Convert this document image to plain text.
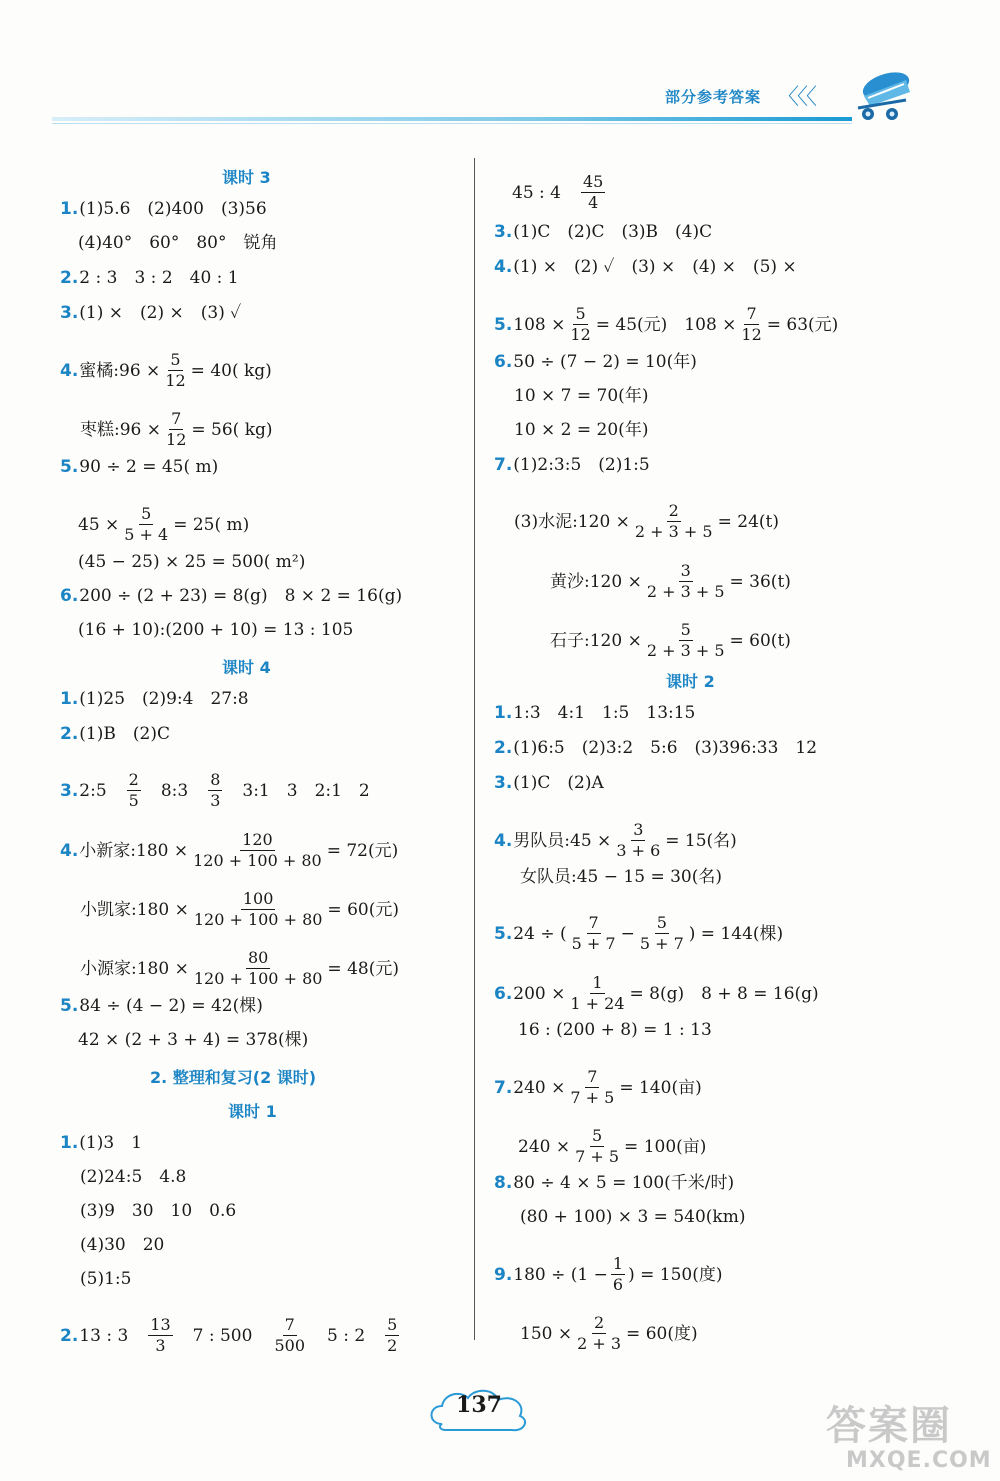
部分参考答案 〈〈〈
课时 3
1. (1)5.6　(2)400　(3)56
(4)40°　60°　80°　锐角
2. 2 : 3　3 : 2　40 : 1
3. (1) ×　(2) ×　(3) ✓
4. 蜜橘:96 × $\frac{5}{12} = 40$( kg)
枣糕:96 × $\frac{7}{12} = 56$( kg)
5. 90 ÷ 2 = 45( m)
$45 \times \frac{5}{5 + 4} = 25$( m)
(45 − 25) × 25 = 500( m²)
6. 200 ÷ (2 + 23) = 8(g)　8 × 2 = 16(g)
(16 + 10):(200 + 10) = 13 : 105
课时 4
1. (1)25　(2)9:4　27:8
2. (1)B　(2)C
3. 2:5　 $\frac{2}{5}$ 　8:3　 $\frac{8}{3}$ 　3:1　3　2:1　2
4. 小新家:180 × $\frac{120}{120 + 100 + 80} = 72$(元)
小凯家:180 × $\frac{100}{120 + 100 + 80} = 60$(元)
小源家:180 × $\frac{80}{120 + 100 + 80} = 48$(元)
5. 84 ÷ (4 − 2) = 42(棵)
42 × (2 + 3 + 4) = 378(棵)
2. 整理和复习(2 课时)
课时 1
1. (1)3　1
(2)24:5　4.8
(3)9　30　10　0.6
(4)30　20
(5)1:5
2. 13 : 3　 $\frac{13}{3}$ 　7 : 500　 $\frac{7}{500}$ 　5 : 2　 $\frac{5}{2}$
45 : 4　 $\frac{45}{4}$
3. (1)C　(2)C　(3)B　(4)C
4. (1) ×　(2) ✓　(3) ×　(4) ×　(5) ×
5. $108 \times \frac{5}{12} = 45$(元)　$108 \times \frac{7}{12} = 63$(元)
6. 50 ÷ (7 − 2) = 10(年)
10 × 7 = 70(年)
10 × 2 = 20(年)
7. (1)2:3:5　(2)1:5
(3)水泥:120 × $\frac{2}{2 + 3 + 5} = 24(t)$
黄沙:120 × $\frac{3}{2 + 3 + 5} = 36(t)$
石子:120 × $\frac{5}{2 + 3 + 5} = 60(t)$
课时 2
1. 1:3　4:1　1:5　13:15
2. (1)6:5　(2)3:2　5:6　(3)396:33　12
3. (1)C　(2)A
4. 男队员:45 × $\frac{3}{3 + 6} = 15$(名)
女队员:45 − 15 = 30(名)
5. 24 ÷ ( $\frac{7}{5 + 7} - \frac{5}{5 + 7}$ ) = 144(棵)
6. $200 \times \frac{1}{1 + 24} = 8(g)$　8 + 8 = 16(g)
16 : (200 + 8) = 1 : 13
7. $240 \times \frac{7}{7 + 5} = 140$(亩)
$240 \times \frac{5}{7 + 5} = 100$(亩)
8. 80 ÷ 4 × 5 = 100(千米/时)
(80 + 100) × 3 = 540(km)
9. $180 \div (1 - \frac{1}{6}$ ) = 150(度)
$150 \times \frac{2}{2 + 3} = 60$(度)
137	答案圈
MXQE.COM
